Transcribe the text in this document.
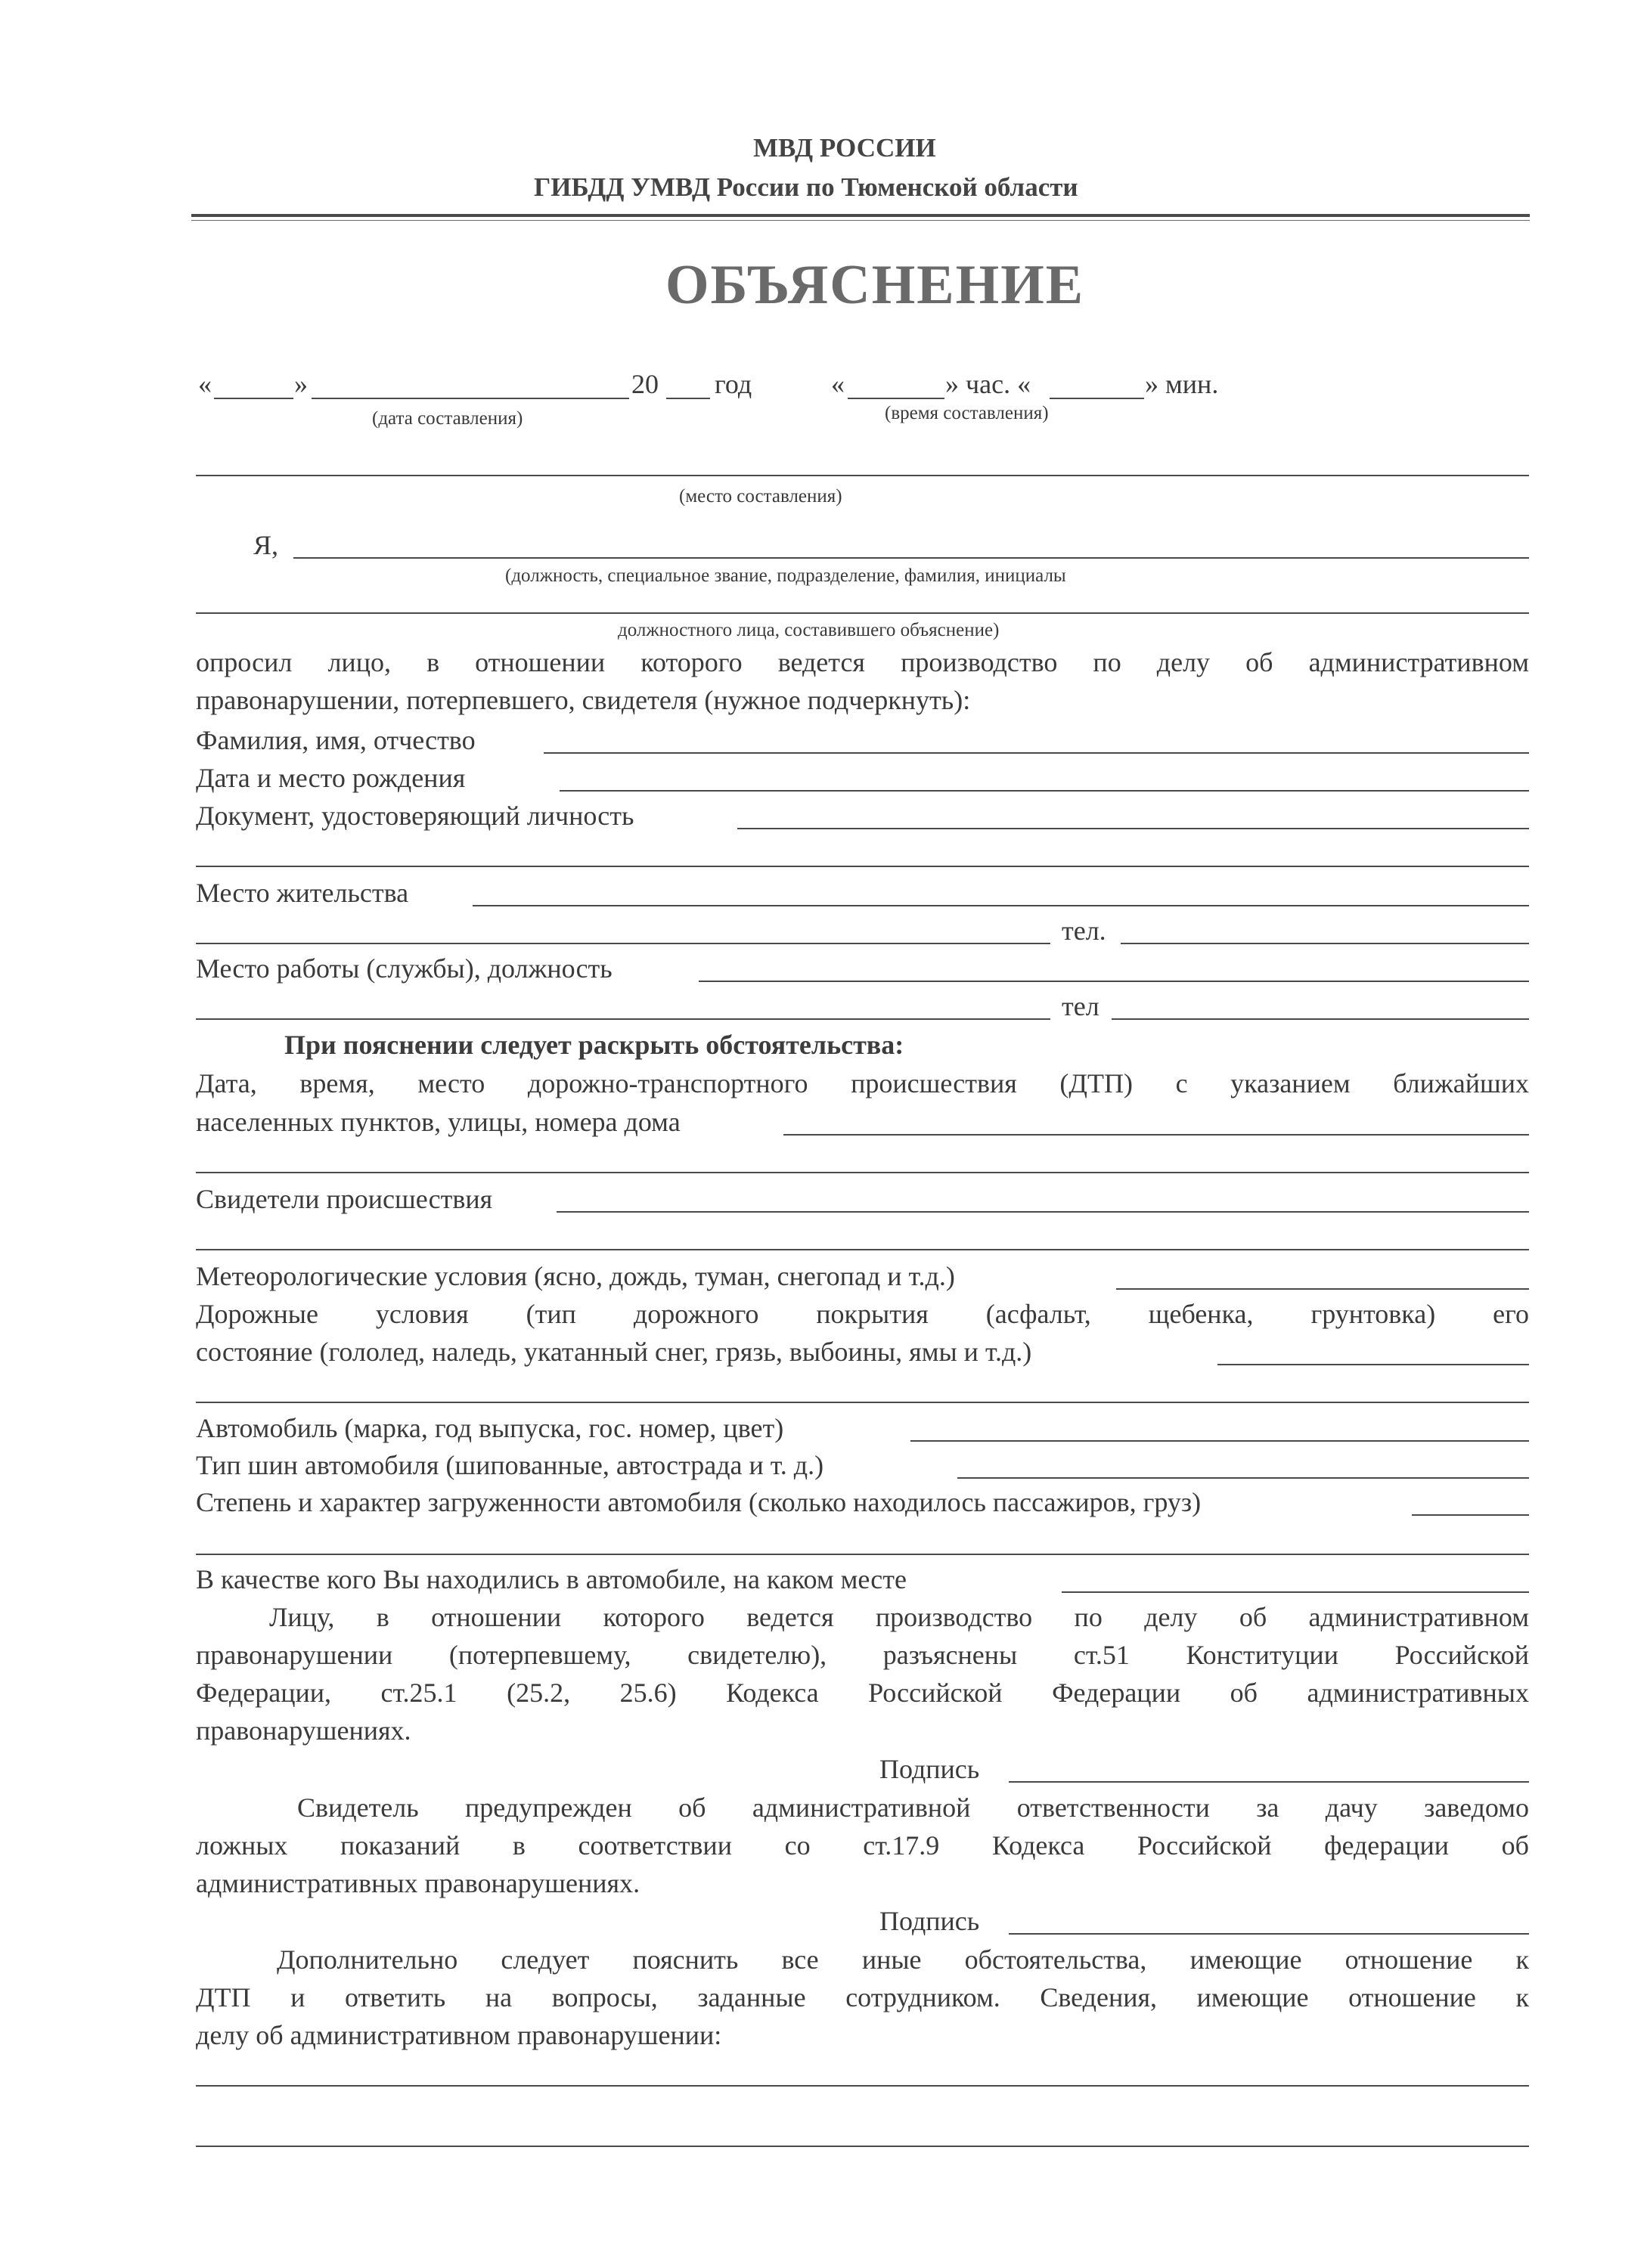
МВД РОССИИ
ГИБДД УМВД России по Тюменской области
ОБЪЯСНЕНИЕ
«	»	20 год	«	» час. «	» мин.
(дата составления)	(время составления)
(место составления)
Я,
(должность, специальное звание, подразделение, фамилия, инициалы
должностного лица, составившего объяснение)
опросил лицо, в отношении которого ведется производство по делу об административном
правонарушении, потерпевшего, свидетеля (нужное подчеркнуть):
Фамилия, имя, отчество
Дата и место рождения
Документ, удостоверяющий личность
Место жительства
тел.
Место работы (службы), должность
тел
При пояснении следует раскрыть обстоятельства:
Дата, время, место дорожно-транспортного происшествия (ДТП) с указанием ближайших
населенных пунктов, улицы, номера дома
Свидетели происшествия
Метеорологические условия (ясно, дождь, туман, снегопад и т.д.)
Дорожные условия (тип дорожного покрытия (асфальт, щебенка, грунтовка) его
состояние (гололед, наледь, укатанный снег, грязь, выбоины, ямы и т.д.)
Автомобиль (марка, год выпуска, гос. номер, цвет)
Тип шин автомобиля (шипованные, автострада и т. д.)
Степень и характер загруженности автомобиля (сколько находилось пассажиров, груз)
В качестве кого Вы находились в автомобиле, на каком месте
Лицу, в отношении которого ведется производство по делу об административном
правонарушении (потерпевшему, свидетелю), разъяснены ст.51 Конституции Российской
Федерации, ст.25.1 (25.2, 25.6) Кодекса Российской Федерации об административных
правонарушениях.
Подпись
Свидетель предупрежден об административной ответственности за дачу заведомо
ложных показаний в соответствии со ст.17.9 Кодекса Российской федерации об
административных правонарушениях.
Подпись
Дополнительно следует пояснить все иные обстоятельства, имеющие отношение к
ДТП и ответить на вопросы, заданные сотрудником. Сведения, имеющие отношение к
делу об административном правонарушении:
